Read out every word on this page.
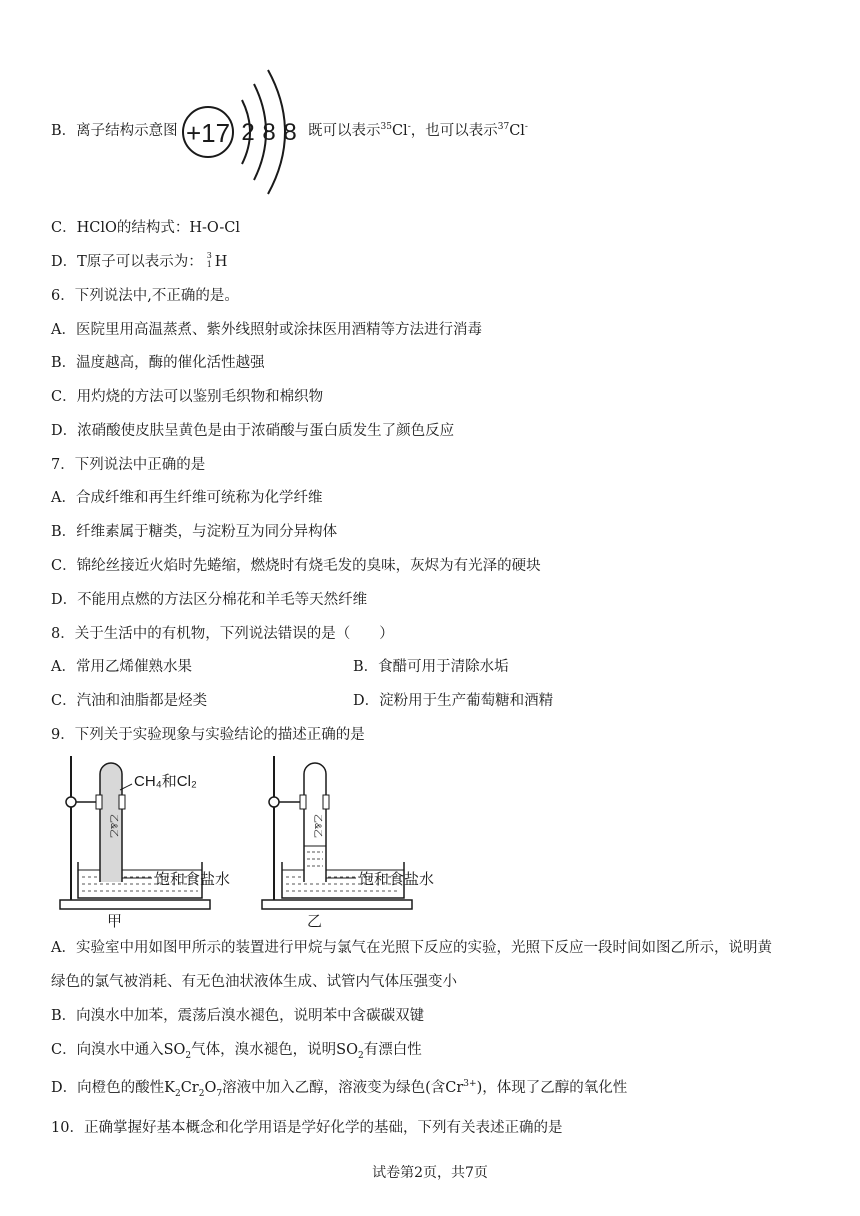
B．离子结构示意图 +17 2 8 8 既可以表示$^{35}$Cl-，也可以表示$^{37}$Cl-
C．HClO的结构式：H-O-Cl
D．T原子可以表示为： 3
1 H
6．下列说法中,不正确的是。
A．医院里用高温蒸煮、紫外线照射或涂抹医用酒精等方法进行消毒
B．温度越高，酶的催化活性越强
C．用灼烧的方法可以鉴别毛织物和棉织物
D．浓硝酸使皮肤呈黄色是由于浓硝酸与蛋白质发生了颜色反应
7．下列说法中正确的是
A．合成纤维和再生纤维可统称为化学纤维
B．纤维素属于糖类，与淀粉互为同分异构体
C．锦纶丝接近火焰时先蜷缩，燃烧时有烧毛发的臭味，灰烬为有光泽的硬块
D．不能用点燃的方法区分棉花和羊毛等天然纤维
8．关于生活中的有机物，下列说法错误的是（　　）
A．常用乙烯催熟水果	B．食醋可用于清除水垢
C．汽油和油脂都是烃类	D．淀粉用于生产葡萄糖和酒精
9．下列关于实验现象与实验结论的描述正确的是
乙&乙
CH₄和Cl₂
饱和食盐水
甲
乙&乙
饱和食盐水
乙
A．实验室中用如图甲所示的装置进行甲烷与氯气在光照下反应的实验，光照下反应一段时间如图乙所示，说明黄
绿色的氯气被消耗、有无色油状液体生成、试管内气体压强变小
B．向溴水中加苯，震荡后溴水褪色，说明苯中含碳碳双键
C．向溴水中通入$SO_2$气体，溴水褪色，说明$SO_2$有漂白性
D．向橙色的酸性$K_2Cr_2O_7$溶液中加入乙醇，溶液变为绿色(含$Cr^{3+}$)，体现了乙醇的氧化性
10．正确掌握好基本概念和化学用语是学好化学的基础，下列有关表述正确的是
试卷第2页，共7页
